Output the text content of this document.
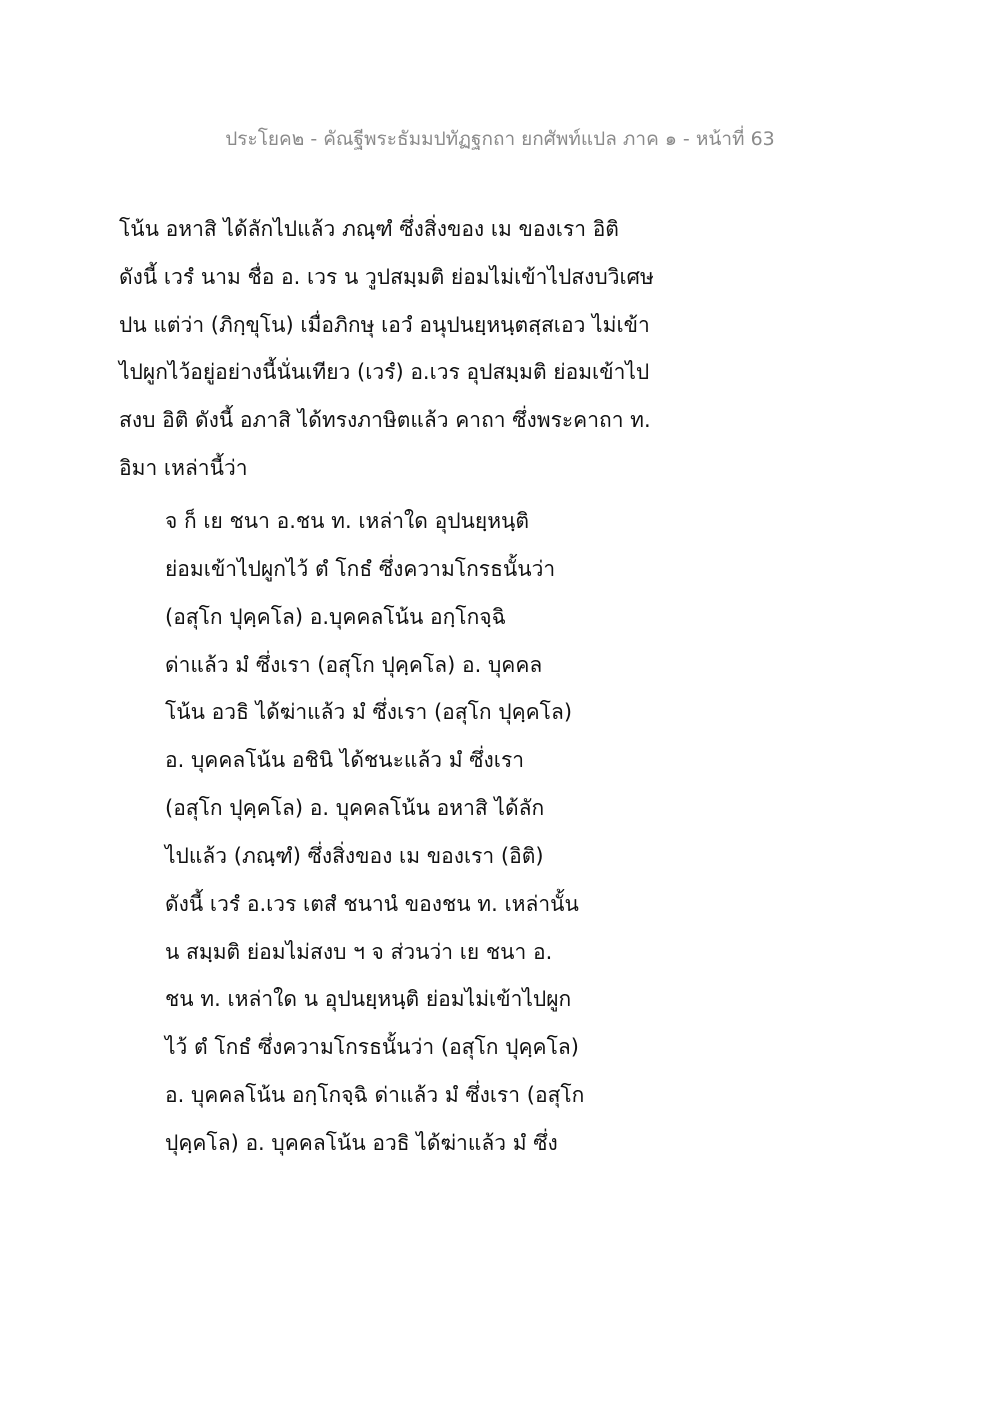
ประโยค๒ - คัณฐีพระธัมมปทัฏฐกถา ยกศัพท์แปล ภาค ๑ - หน้าที่ 63
โน้น อหาสิ ได้ลักไปแล้ว ภณฺฑํ ซึ่งสิ่งของ เม ของเรา อิติ
ดังนี้ เวรํ นาม ชื่อ อ. เวร น วูปสมฺมติ ย่อมไม่เข้าไปสงบวิเศษ
ปน แต่ว่า (ภิกฺขุโน) เมื่อภิกษุ เอวํ อนุปนยฺหนฺตสฺสเอว ไม่เข้า
ไปผูกไว้อยู่อย่างนี้นั่นเทียว (เวรํ) อ.เวร อุปสมฺมติ ย่อมเข้าไป
สงบ อิติ ดังนี้ อภาสิ ได้ทรงภาษิตแล้ว คาถา ซึ่งพระคาถา ท.
อิมา เหล่านี้ว่า
จ ก็ เย ชนา อ.ชน ท. เหล่าใด อุปนยฺหนฺติ
ย่อมเข้าไปผูกไว้ ตํ โกธํ ซึ่งความโกรธนั้นว่า
(อสุโก ปุคฺคโล) อ.บุคคลโน้น อกฺโกจฺฉิ
ด่าแล้ว มํ ซึ่งเรา (อสุโก ปุคฺคโล) อ. บุคคล
โน้น อวธิ ได้ฆ่าแล้ว มํ ซึ่งเรา (อสุโก ปุคฺคโล)
อ. บุคคลโน้น อชินิ ได้ชนะแล้ว มํ ซึ่งเรา
(อสุโก ปุคฺคโล) อ. บุคคลโน้น อหาสิ ได้ลัก
ไปแล้ว (ภณฺฑํ) ซึ่งสิ่งของ เม ของเรา (อิติ)
ดังนี้ เวรํ อ.เวร เตสํ ชนานํ ของชน ท. เหล่านั้น
น สมฺมติ ย่อมไม่สงบ ฯ จ ส่วนว่า เย ชนา อ.
ชน ท. เหล่าใด น อุปนยฺหนฺติ ย่อมไม่เข้าไปผูก
ไว้ ตํ โกธํ ซึ่งความโกรธนั้นว่า (อสุโก ปุคฺคโล)
อ. บุคคลโน้น อกฺโกจฺฉิ ด่าแล้ว มํ ซึ่งเรา (อสุโก
ปุคฺคโล) อ. บุคคลโน้น อวธิ ได้ฆ่าแล้ว มํ ซึ่ง
